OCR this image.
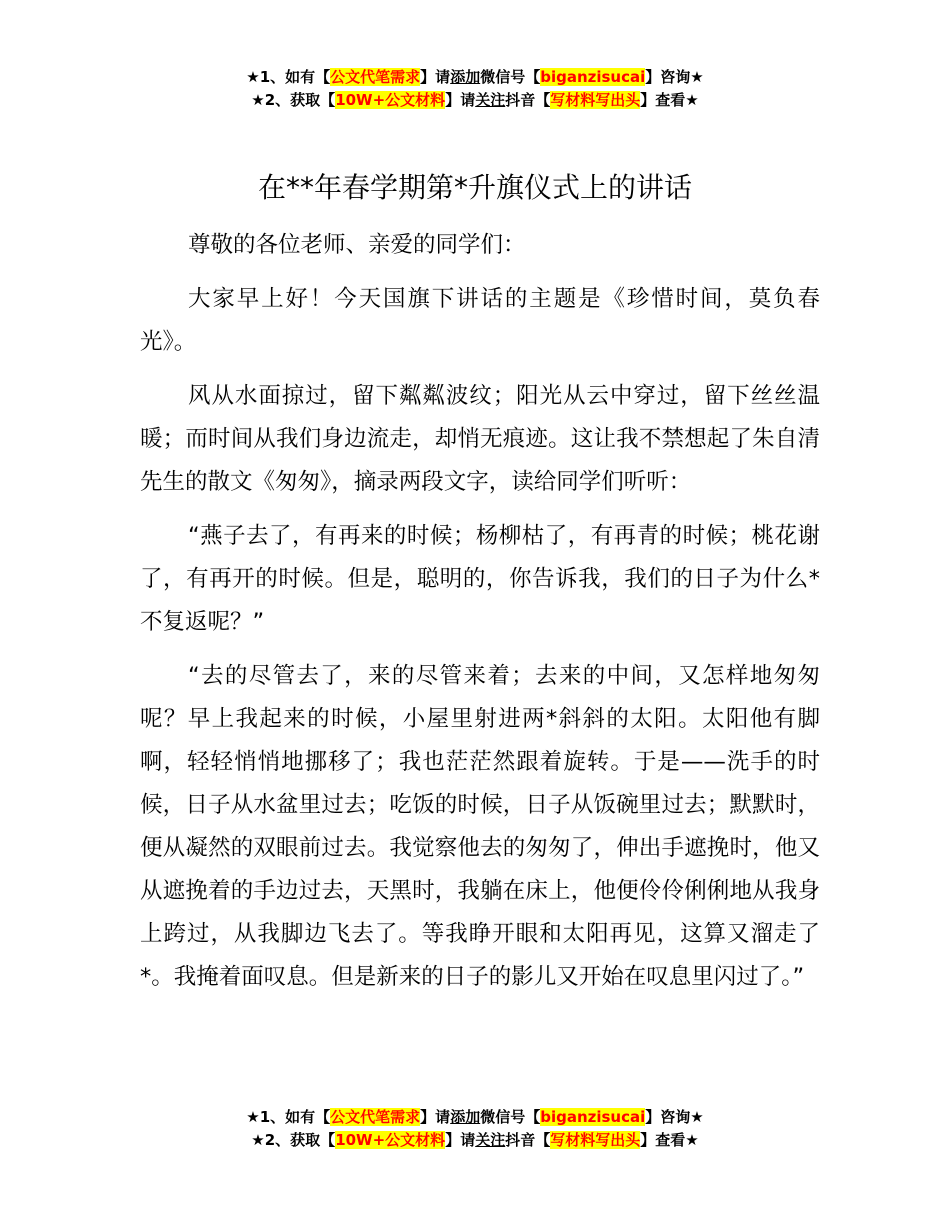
★1、如有【公文代笔需求】请添加微信号【biganzisucai】咨询★
★2、获取【10W+公文材料】请关注抖音【写材料写出头】查看★
在**年春学期第*升旗仪式上的讲话

尊敬的各位老师、亲爱的同学们：

大家早上好！今天国旗下讲话的主题是《珍惜时间，莫负春光》。

风从水面掠过，留下粼粼波纹；阳光从云中穿过，留下丝丝温暖；而时间从我们身边流走，却悄无痕迹。这让我不禁想起了朱自清先生的散文《匆匆》，摘录两段文字，读给同学们听听：

“燕子去了，有再来的时候；杨柳枯了，有再青的时候；桃花谢了，有再开的时候。但是，聪明的，你告诉我，我们的日子为什么*不复返呢？”

“去的尽管去了，来的尽管来着；去来的中间，又怎样地匆匆呢？早上我起来的时候，小屋里射进两*斜斜的太阳。太阳他有脚啊，轻轻悄悄地挪移了；我也茫茫然跟着旋转。于是——洗手的时候，日子从水盆里过去；吃饭的时候，日子从饭碗里过去；默默时，便从凝然的双眼前过去。我觉察他去的匆匆了，伸出手遮挽时，他又从遮挽着的手边过去，天黑时，我躺在床上，他便伶伶俐俐地从我身上跨过，从我脚边飞去了。等我睁开眼和太阳再见，这算又溜走了*。我掩着面叹息。但是新来的日子的影儿又开始在叹息里闪过了。”

★1、如有【公文代笔需求】请添加微信号【biganzisucai】咨询★
★2、获取【10W+公文材料】请关注抖音【写材料写出头】查看★
